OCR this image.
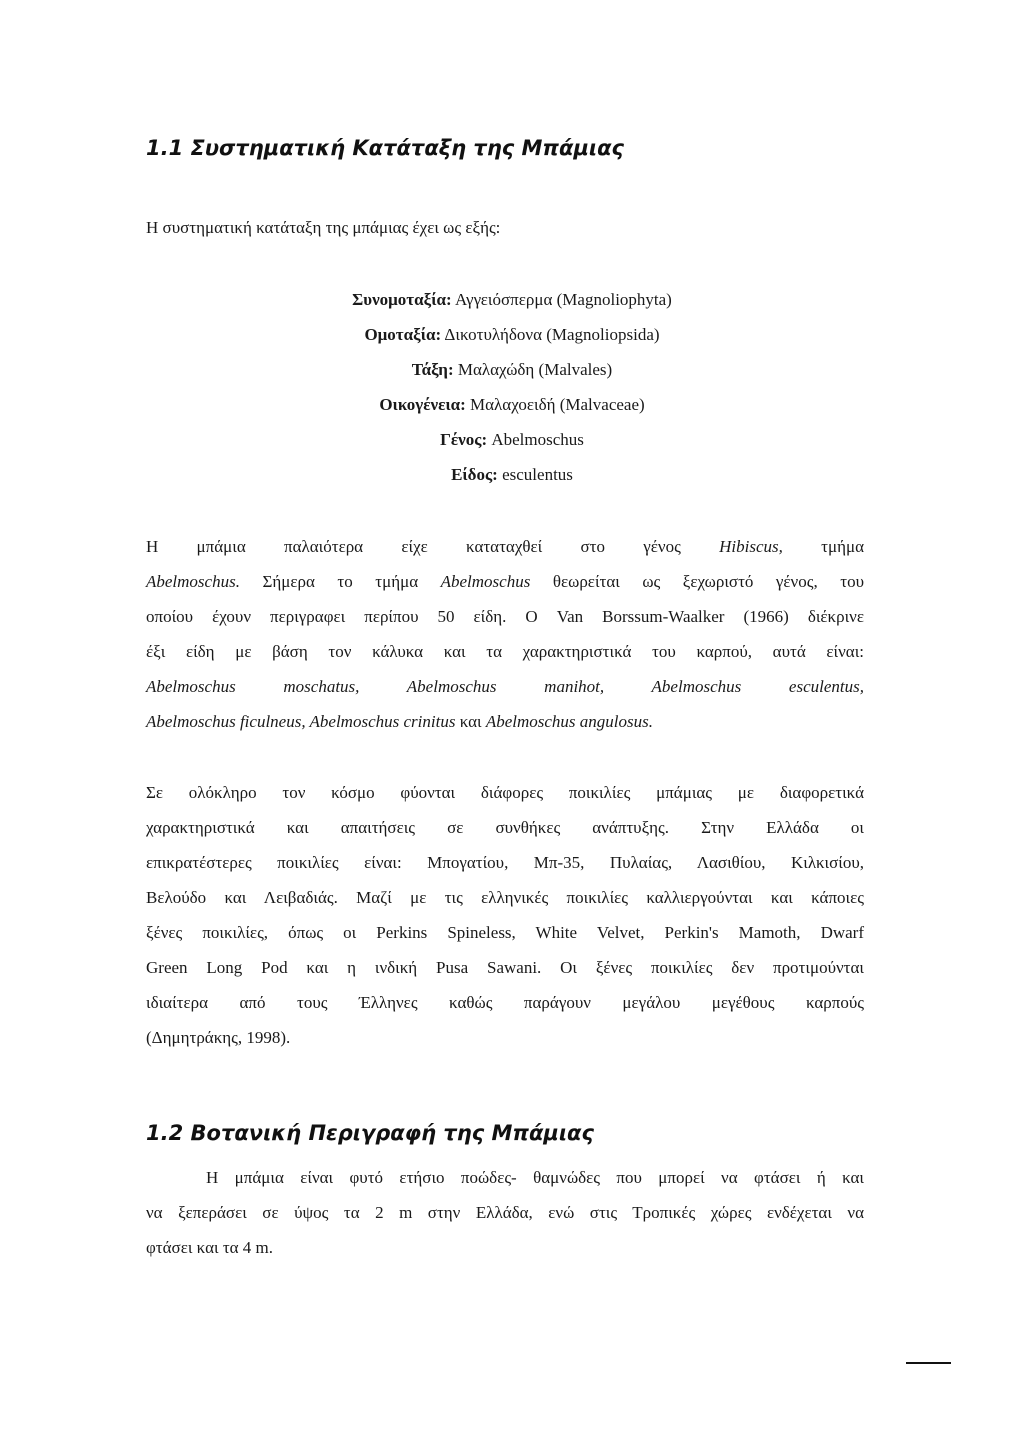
1.1 Συστηματική Κατάταξη της Μπάμιας
Η συστηματική κατάταξη της μπάμιας έχει ως εξής:
Συνομοταξία: Αγγειόσπερμα (Magnoliophyta)
Ομοταξία: Δικοτυλήδονα (Magnoliopsida)
Τάξη: Μαλαχώδη (Malvales)
Οικογένεια: Μαλαχοειδή (Malvaceae)
Γένος: Abelmoschus
Είδος: esculentus
Η μπάμια παλαιότερα είχε καταταχθεί στο γένος Hibiscus, τμήμα
Abelmoschus. Σήμερα το τμήμα Abelmoschus θεωρείται ως ξεχωριστό γένος, του
οποίου έχουν περιγραφει περίπου 50 είδη. Ο Van Borssum-Waalker (1966) διέκρινε
έξι είδη με βάση τον κάλυκα και τα χαρακτηριστικά του καρπού, αυτά είναι:
Abelmoschus moschatus, Abelmoschus manihot, Abelmoschus esculentus,
Abelmoschus ficulneus, Abelmoschus crinitus και Abelmoschus angulosus.
Σε ολόκληρο τον κόσμο φύονται διάφορες ποικιλίες μπάμιας με διαφορετικά
χαρακτηριστικά και απαιτήσεις σε συνθήκες ανάπτυξης. Στην Ελλάδα οι
επικρατέστερες ποικιλίες είναι: Μπογατίου, Μπ-35, Πυλαίας, Λασιθίου, Κιλκισίου,
Βελούδο και Λειβαδιάς. Μαζί με τις ελληνικές ποικιλίες καλλιεργούνται και κάποιες
ξένες ποικιλίες, όπως οι Perkins Spineless, White Velvet, Perkin's Mamoth, Dwarf
Green Long Pod και η ινδική Pusa Sawani. Οι ξένες ποικιλίες δεν προτιμούνται
ιδιαίτερα από τους Έλληνες καθώς παράγουν μεγάλου μεγέθους καρπούς
(Δημητράκης, 1998).
1.2 Βοτανική Περιγραφή της Μπάμιας
Η μπάμια είναι φυτό ετήσιο ποώδες- θαμνώδες που μπορεί να φτάσει ή και
να ξεπεράσει σε ύψος τα 2 m στην Ελλάδα, ενώ στις Τροπικές χώρες ενδέχεται να
φτάσει και τα 4 m.
